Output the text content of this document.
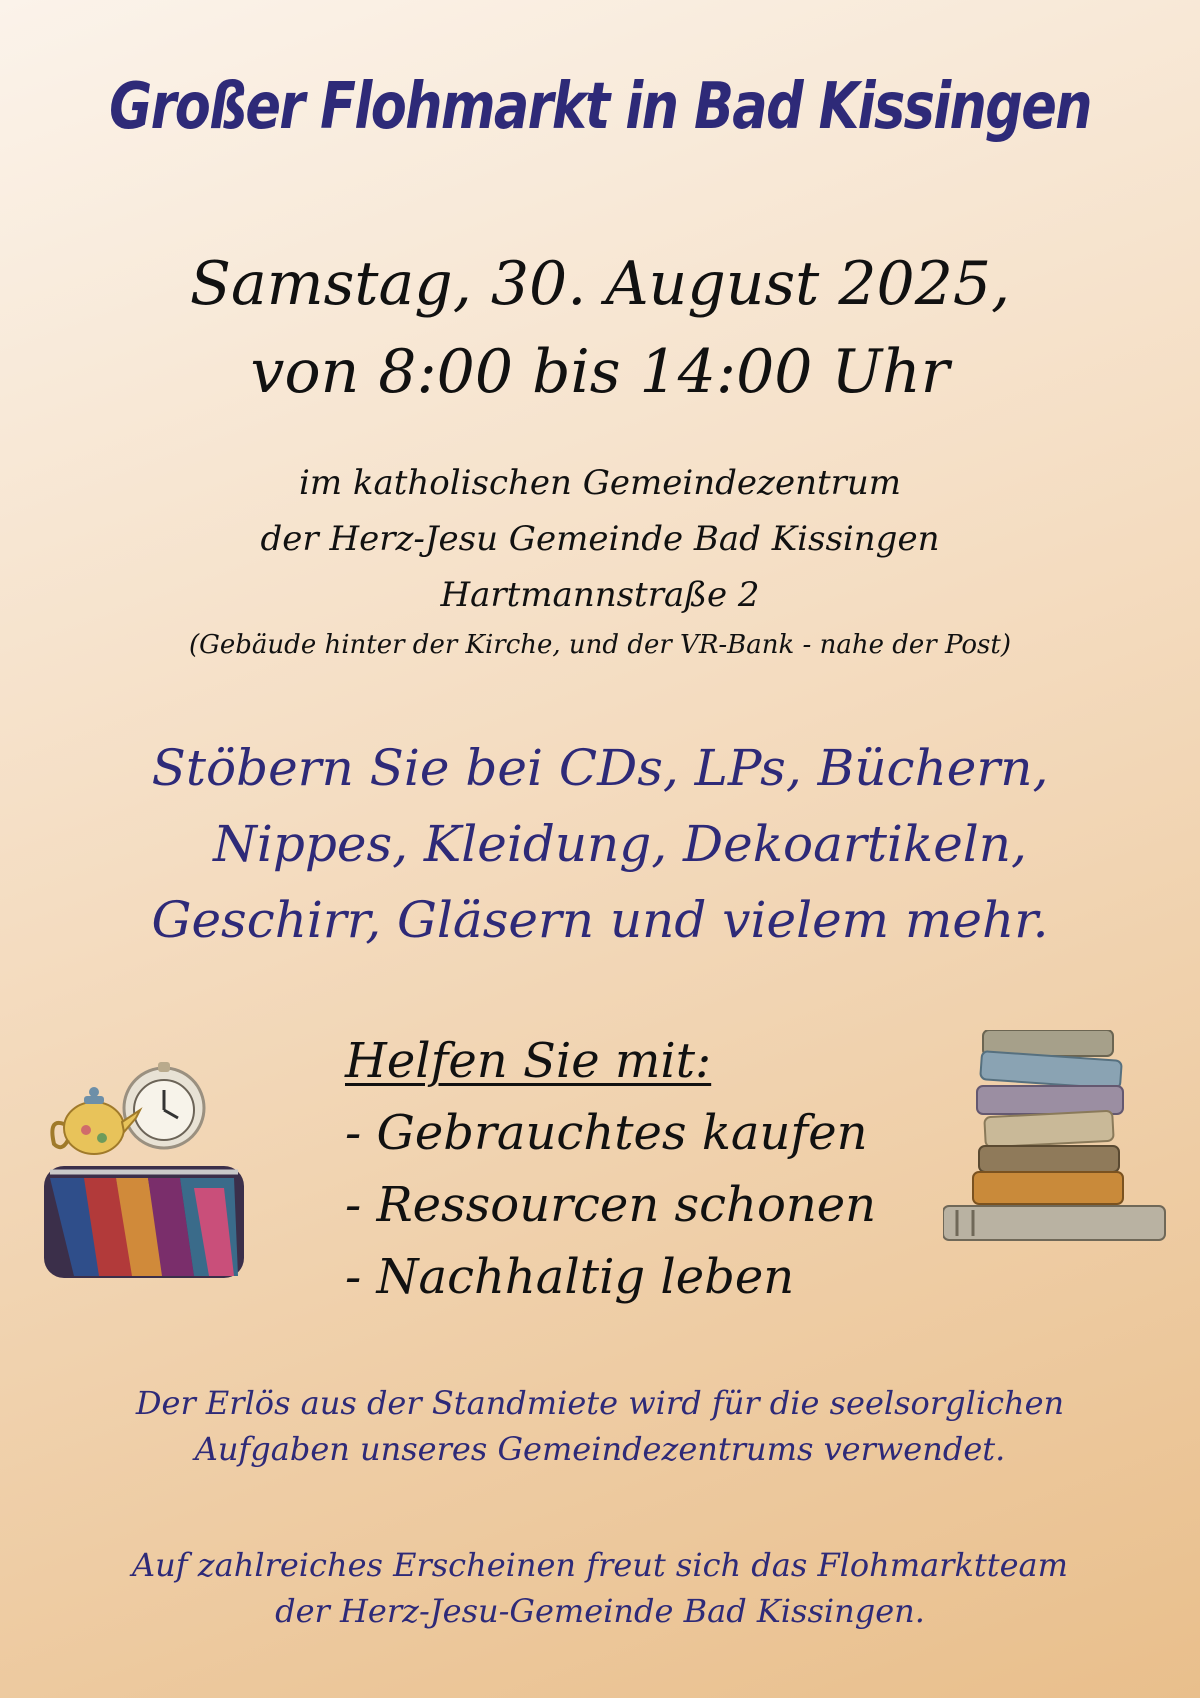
Großer Flohmarkt in Bad Kissingen
Samstag, 30. August 2025,
von 8:00 bis 14:00 Uhr
im katholischen Gemeindezentrum
der Herz-Jesu Gemeinde Bad Kissingen
Hartmannstraße 2
(Gebäude hinter der Kirche, und der VR-Bank - nahe der Post)
Stöbern Sie bei CDs, LPs, Büchern,
Nippes, Kleidung, Dekoartikeln,
Geschirr, Gläsern und vielem mehr.
Helfen Sie mit:
- Gebrauchtes kaufen
- Ressourcen schonen
- Nachhaltig leben
Der Erlös aus der Standmiete wird für die seelsorglichen
Aufgaben unseres Gemeindezentrums verwendet.
Auf zahlreiches Erscheinen freut sich das Flohmarktteam
der Herz-Jesu-Gemeinde Bad Kissingen.
